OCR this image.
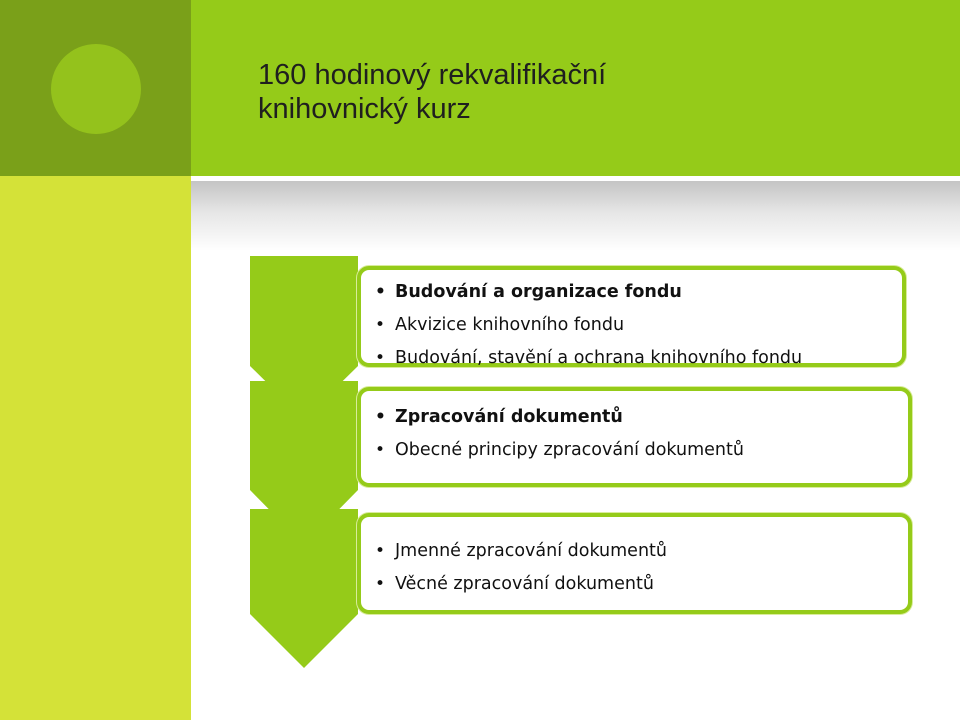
160 hodinový rekvalifikační
knihovnický kurz
• Budování a organizace fondu
• Akvizice knihovního fondu
• Budování, stavění a ochrana knihovního fondu
• Zpracování dokumentů
• Obecné principy zpracování dokumentů
• Jmenné zpracování dokumentů
• Věcné zpracování dokumentů
